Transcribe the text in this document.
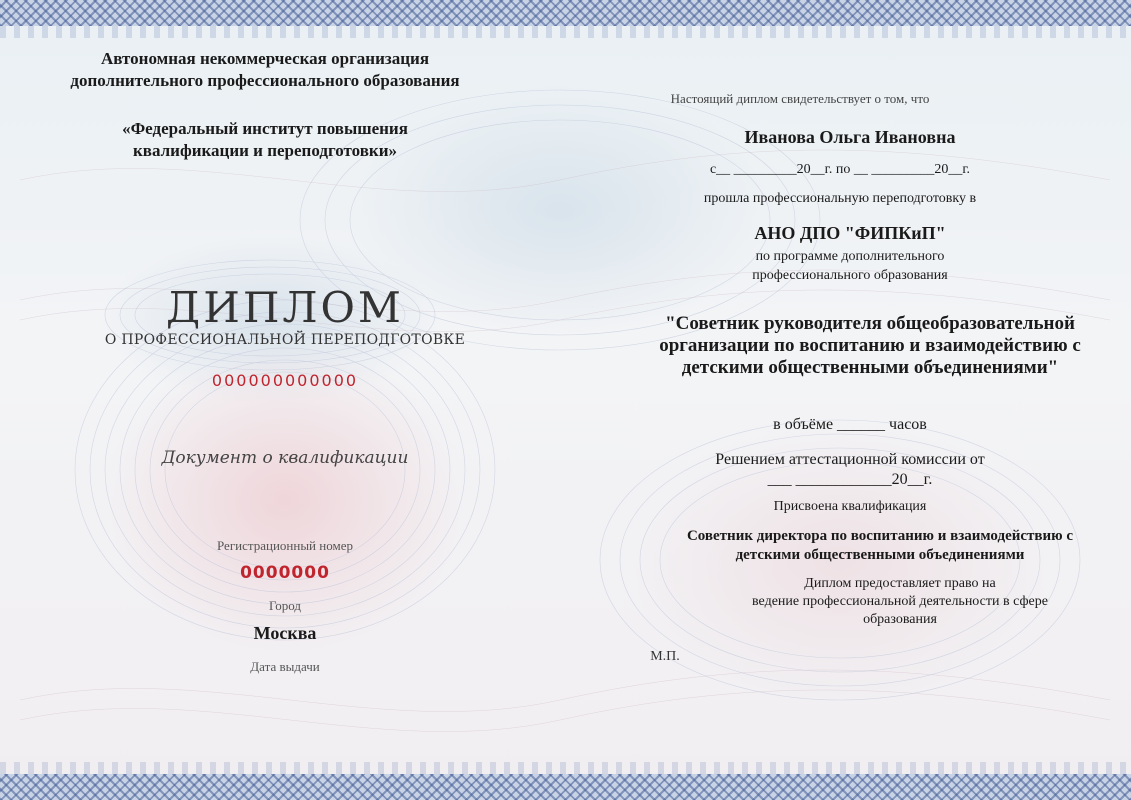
Автономная некоммерческая организация
дополнительного профессионального образования
«Федеральный институт повышения
квалификации и переподготовки»
ДИПЛОМ
О ПРОФЕССИОНАЛЬНОЙ ПЕРЕПОДГОТОВКЕ
000000000000
Документ о квалификации
Регистрационный номер
0000000
Город
Москва
Дата выдачи
Настоящий диплом свидетельствует о том, что
Иванова Ольга Ивановна
с__ _________20__г. по __ _________20__г.
прошла профессиональную переподготовку в
АНО ДПО "ФИПКиП"
по программе дополнительного
профессионального образования
"Советник руководителя общеобразовательной
организации по воспитанию и взаимодействию с
детскими общественными объединениями"
в объёме ______ часов
Решением аттестационной комиссии от
___ ____________20__г.
Присвоена квалификация
Советник директора по воспитанию и взаимодействию с
детскими общественными объединениями
Диплом предоставляет право на
ведение профессиональной деятельности в сфере
образования
М.П.
